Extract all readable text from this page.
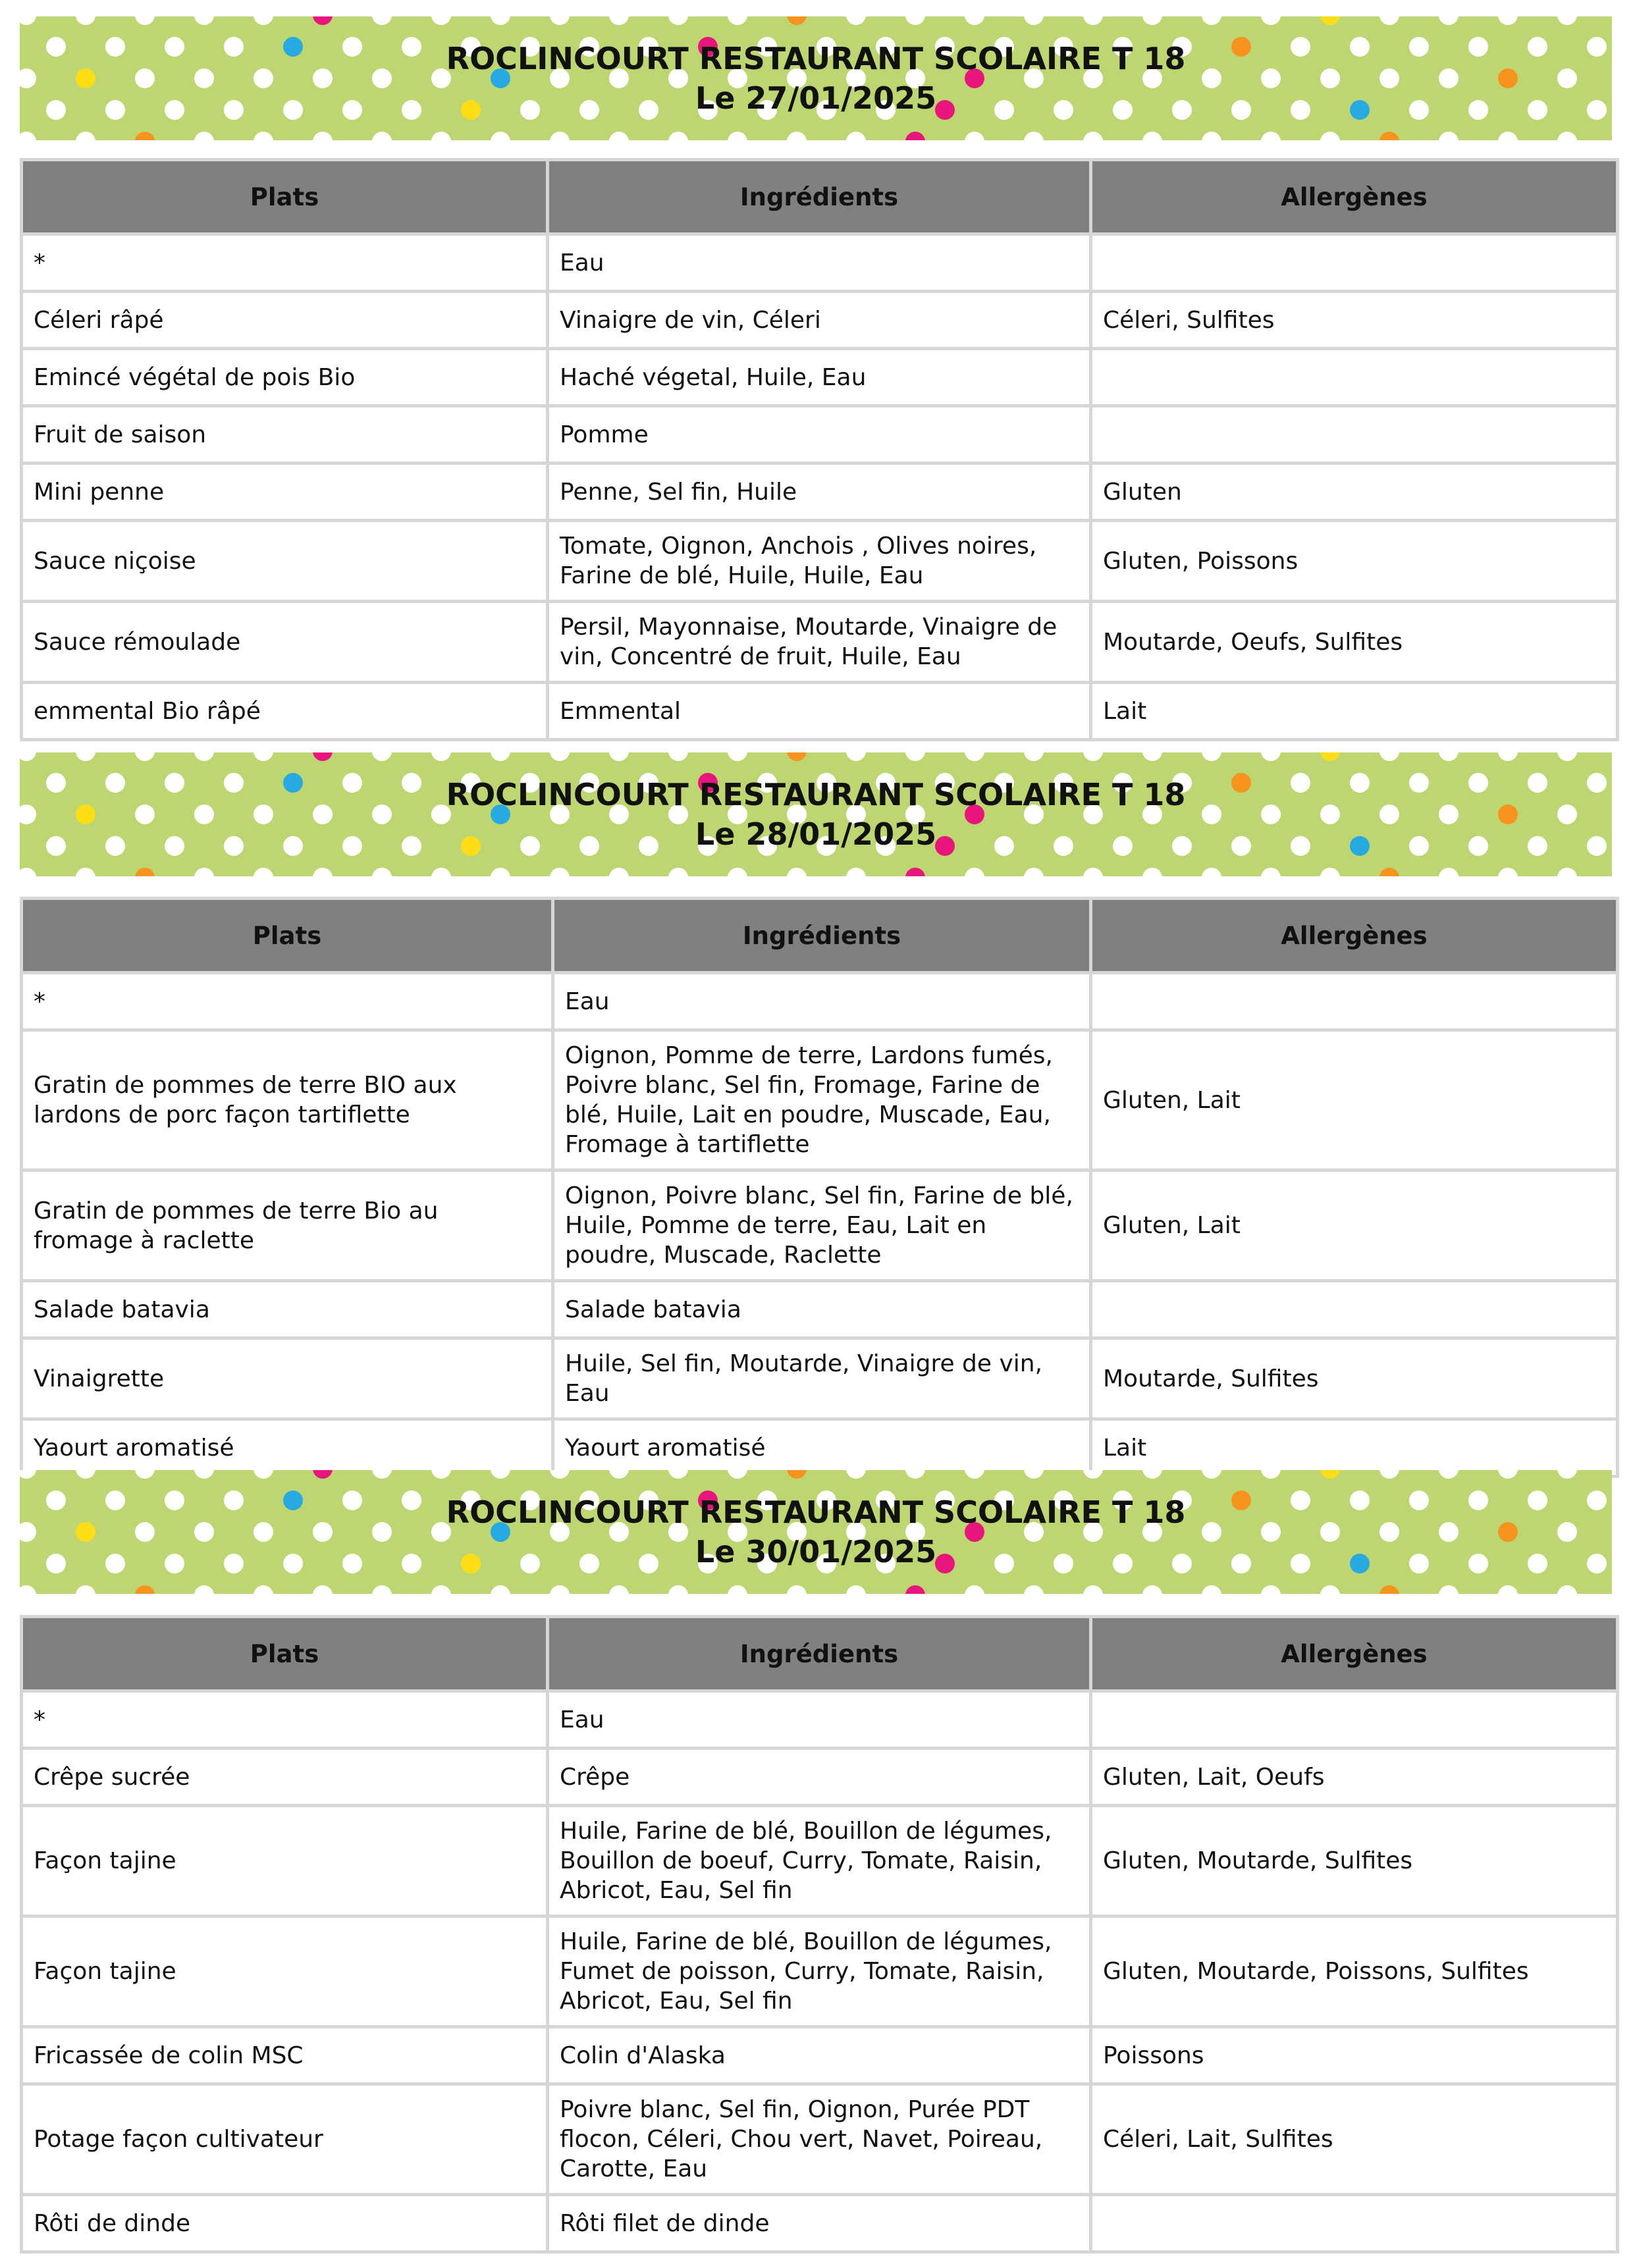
ROCLINCOURT RESTAURANT SCOLAIRE T 18
Le 27/01/2025
Plats	Ingrédients	Allergènes
*	Eau	
Céleri râpé	Vinaigre de vin, Céleri	Céleri, Sulfites
Emincé végétal de pois Bio	Haché végetal, Huile, Eau	
Fruit de saison	Pomme	
Mini penne	Penne, Sel fin, Huile	Gluten
Sauce niçoise	Tomate, Oignon, Anchois , Olives noires, Farine de blé, Huile, Huile, Eau	Gluten, Poissons
Sauce rémoulade	Persil, Mayonnaise, Moutarde, Vinaigre de vin, Concentré de fruit, Huile, Eau	Moutarde, Oeufs, Sulfites
emmental Bio râpé	Emmental	Lait
ROCLINCOURT RESTAURANT SCOLAIRE T 18
Le 28/01/2025
Plats	Ingrédients	Allergènes
*	Eau	
Gratin de pommes de terre BIO aux lardons de porc façon tartiflette	Oignon, Pomme de terre, Lardons fumés, Poivre blanc, Sel fin, Fromage, Farine de blé, Huile, Lait en poudre, Muscade, Eau, Fromage à tartiflette	Gluten, Lait
Gratin de pommes de terre Bio au fromage à raclette	Oignon, Poivre blanc, Sel fin, Farine de blé, Huile, Pomme de terre, Eau, Lait en poudre, Muscade, Raclette	Gluten, Lait
Salade batavia	Salade batavia	
Vinaigrette	Huile, Sel fin, Moutarde, Vinaigre de vin, Eau	Moutarde, Sulfites
Yaourt aromatisé	Yaourt aromatisé	Lait
ROCLINCOURT RESTAURANT SCOLAIRE T 18
Le 30/01/2025
Plats	Ingrédients	Allergènes
*	Eau	
Crêpe sucrée	Crêpe	Gluten, Lait, Oeufs
Façon tajine	Huile, Farine de blé, Bouillon de légumes, Bouillon de boeuf, Curry, Tomate, Raisin, Abricot, Eau, Sel fin	Gluten, Moutarde, Sulfites
Façon tajine	Huile, Farine de blé, Bouillon de légumes, Fumet de poisson, Curry, Tomate, Raisin, Abricot, Eau, Sel fin	Gluten, Moutarde, Poissons, Sulfites
Fricassée de colin MSC	Colin d'Alaska	Poissons
Potage façon cultivateur	Poivre blanc, Sel fin, Oignon, Purée PDT flocon, Céleri, Chou vert, Navet, Poireau, Carotte, Eau	Céleri, Lait, Sulfites
Rôti de dinde	Rôti filet de dinde	
